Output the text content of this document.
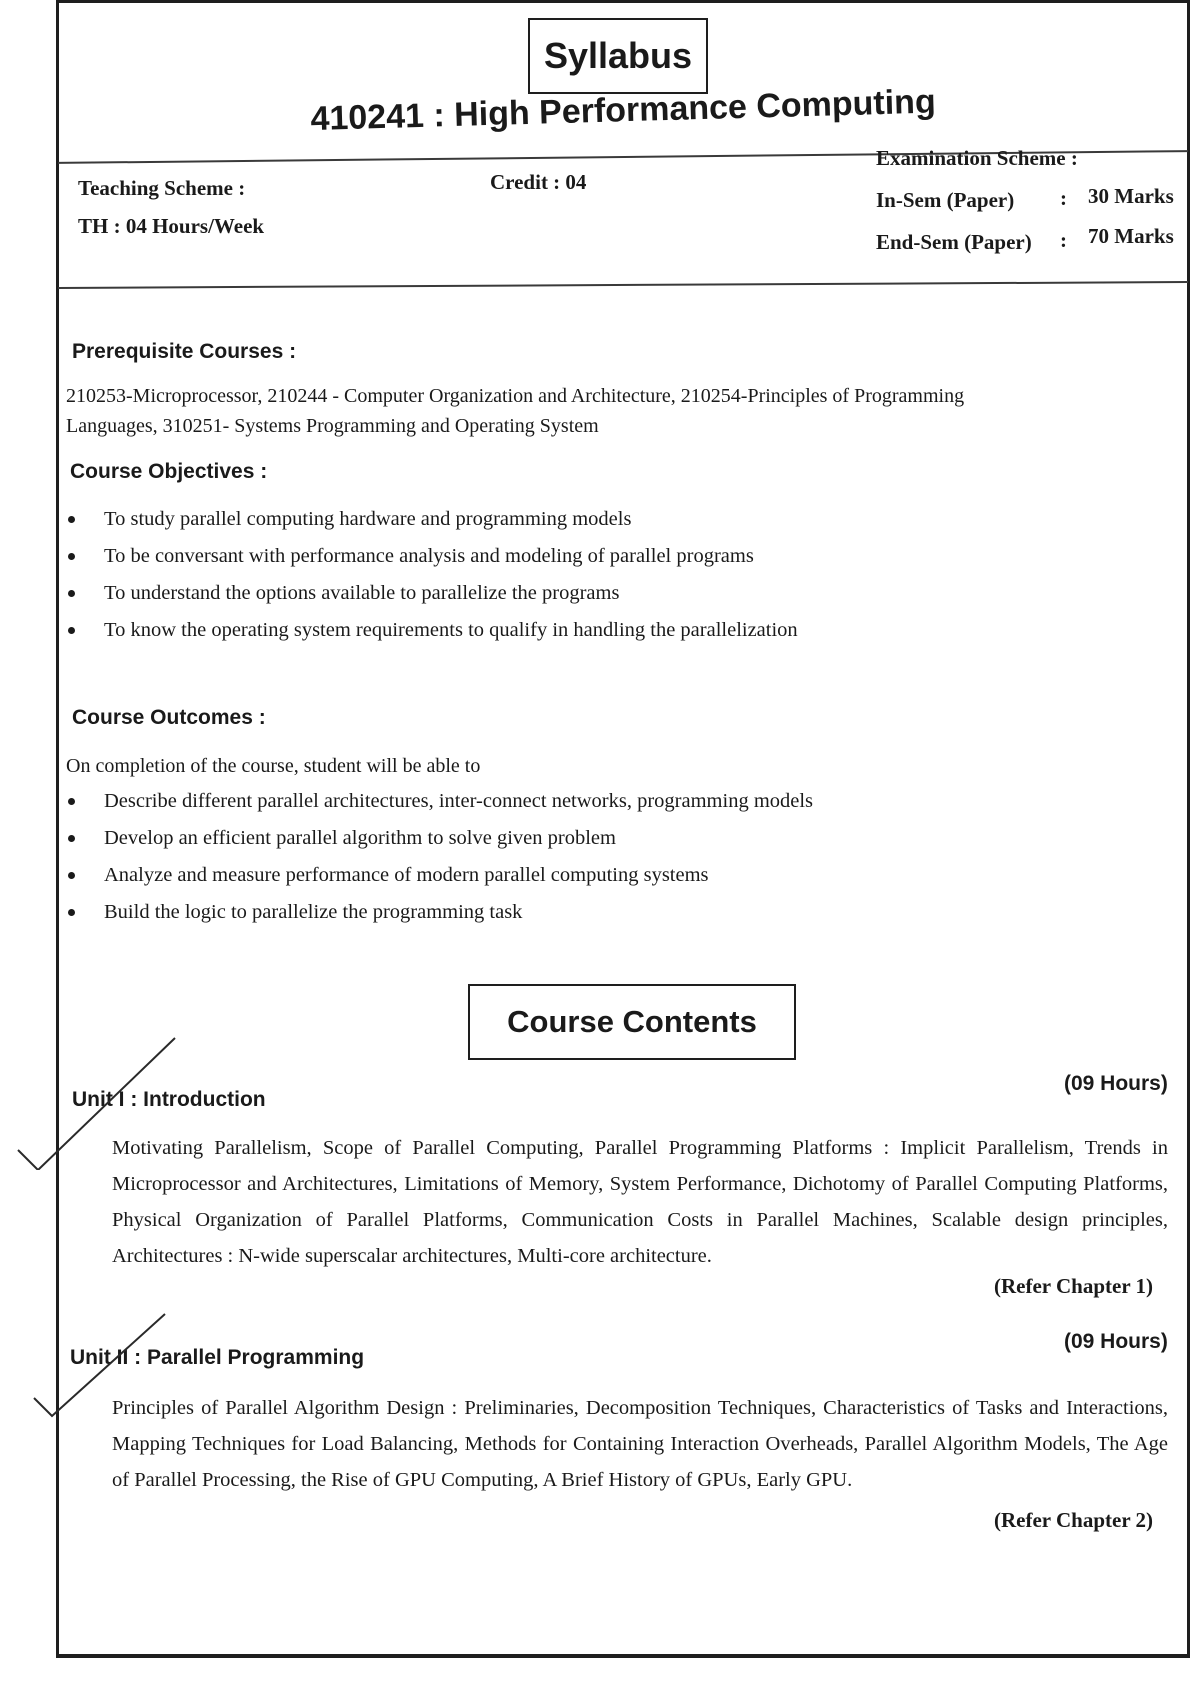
Syllabus
410241 : High Performance Computing
Teaching Scheme :
TH : 04 Hours/Week
Credit : 04
Examination Scheme :
In-Sem (Paper) : 30 Marks
End-Sem (Paper) : 70 Marks
Prerequisite Courses :
210253-Microprocessor, 210244 - Computer Organization and Architecture, 210254-Principles of Programming
Languages, 310251- Systems Programming and Operating System
Course Objectives :
To study parallel computing hardware and programming models
To be conversant with performance analysis and modeling of parallel programs
To understand the options available to parallelize the programs
To know the operating system requirements to qualify in handling the parallelization
Course Outcomes :
On completion of the course, student will be able to
Describe different parallel architectures, inter-connect networks, programming models
Develop an efficient parallel algorithm to solve given problem
Analyze and measure performance of modern parallel computing systems
Build the logic to parallelize the programming task
Course Contents
Unit I : Introduction
(09 Hours)
Motivating Parallelism, Scope of Parallel Computing, Parallel Programming Platforms : Implicit Parallelism, Trends in Microprocessor and Architectures, Limitations of Memory, System Performance, Dichotomy of Parallel Computing Platforms, Physical Organization of Parallel Platforms, Communication Costs in Parallel Machines, Scalable design principles, Architectures : N-wide superscalar architectures, Multi-core architecture.
(Refer Chapter 1)
Unit II : Parallel Programming
(09 Hours)
Principles of Parallel Algorithm Design : Preliminaries, Decomposition Techniques, Characteristics of Tasks and Interactions, Mapping Techniques for Load Balancing, Methods for Containing Interaction Overheads, Parallel Algorithm Models, The Age of Parallel Processing, the Rise of GPU Computing, A Brief History of GPUs, Early GPU.
(Refer Chapter 2)
